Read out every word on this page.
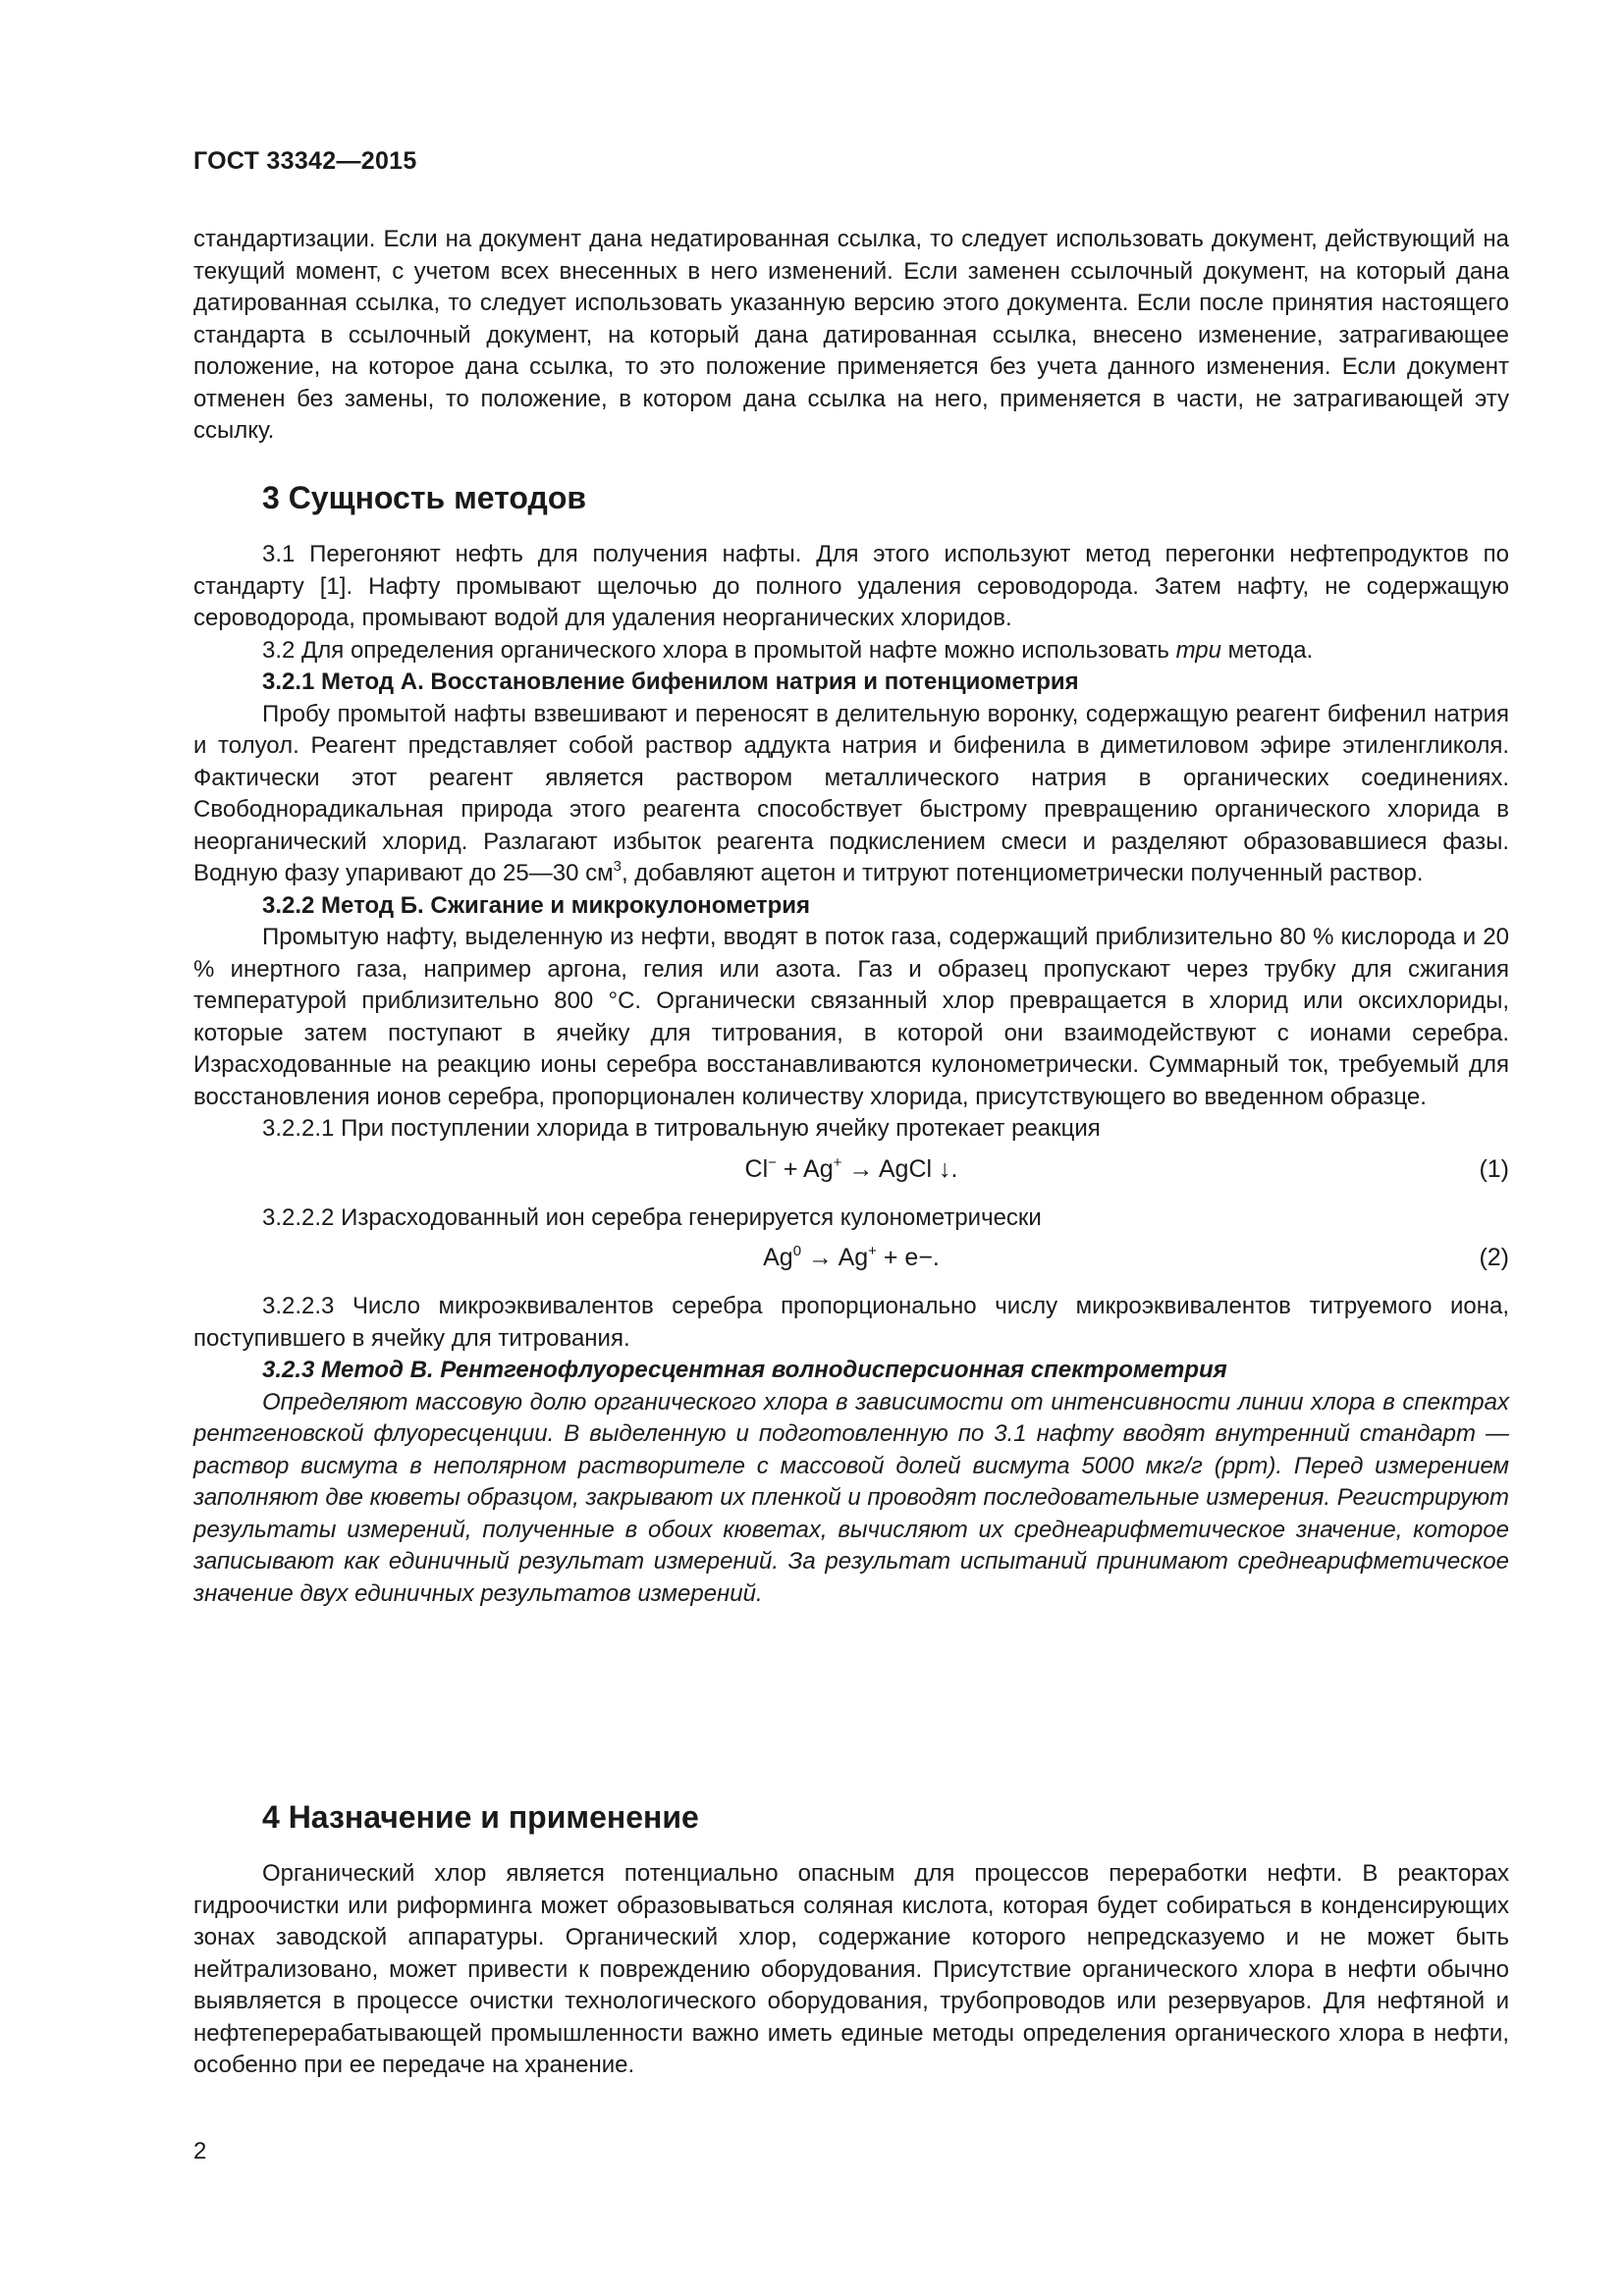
ГОСТ 33342—2015

стандартизации. Если на документ дана недатированная ссылка, то следует использовать документ, действующий на текущий момент, с учетом всех внесенных в него изменений. Если заменен ссылочный документ, на который дана датированная ссылка, то следует использовать указанную версию этого документа. Если после принятия настоящего стандарта в ссылочный документ, на который дана датированная ссылка, внесено изменение, затрагивающее положение, на которое дана ссылка, то это положение применяется без учета данного изменения. Если документ отменен без замены, то положение, в котором дана ссылка на него, применяется в части, не затрагивающей эту ссылку.

3 Сущность методов

3.1 Перегоняют нефть для получения нафты. Для этого используют метод перегонки нефтепродуктов по стандарту [1]. Нафту промывают щелочью до полного удаления сероводорода. Затем нафту, не содержащую сероводорода, промывают водой для удаления неорганических хлоридов.

3.2 Для определения органического хлора в промытой нафте можно использовать три метода.

3.2.1 Метод А. Восстановление бифенилом натрия и потенциометрия

Пробу промытой нафты взвешивают и переносят в делительную воронку, содержащую реагент бифенил натрия и толуол. Реагент представляет собой раствор аддукта натрия и бифенила в диметиловом эфире этиленгликоля. Фактически этот реагент является раствором металлического натрия в органических соединениях. Свободнорадикальная природа этого реагента способствует быстрому превращению органического хлорида в неорганический хлорид. Разлагают избыток реагента подкислением смеси и разделяют образовавшиеся фазы. Водную фазу упаривают до 25—30 $см^3$, добавляют ацетон и титруют потенциометрически полученный раствор.

3.2.2 Метод Б. Сжигание и микрокулонометрия

Промытую нафту, выделенную из нефти, вводят в поток газа, содержащий приблизительно 80 % кислорода и 20 % инертного газа, например аргона, гелия или азота. Газ и образец пропускают через трубку для сжигания температурой приблизительно 800 °С. Органически связанный хлор превращается в хлорид или оксихлориды, которые затем поступают в ячейку для титрования, в которой они взаимодействуют с ионами серебра. Израсходованные на реакцию ионы серебра восстанавливаются кулонометрически. Суммарный ток, требуемый для восстановления ионов серебра, пропорционален количеству хлорида, присутствующего во введенном образце.

3.2.2.1 При поступлении хлорида в титровальную ячейку протекает реакция

Cl− + Ag+ → AgCl ↓.	(1)

3.2.2.2 Израсходованный ион серебра генерируется кулонометрически

$Ag^0 \to Ag^+ + e-$.	(2)

3.2.2.3 Число микроэквивалентов серебра пропорционально числу микроэквивалентов титруемого иона, поступившего в ячейку для титрования.

3.2.3 Метод В. Рентгенофлуоресцентная волнодисперсионная спектрометрия

Определяют массовую долю органического хлора в зависимости от интенсивности линии хлора в спектрах рентгеновской флуоресценции. В выделенную и подготовленную по 3.1 нафту вводят внутренний стандарт — раствор висмута в неполярном растворителе с массовой долей висмута 5000 мкг/г (ppm). Перед измерением заполняют две кюветы образцом, закрывают их пленкой и проводят последовательные измерения. Регистрируют результаты измерений, полученные в обоих кюветах, вычисляют их среднеарифметическое значение, которое записывают как единичный результат измерений. За результат испытаний принимают среднеарифметическое значение двух единичных результатов измерений.

4 Назначение и применение

Органический хлор является потенциально опасным для процессов переработки нефти. В реакторах гидроочистки или риформинга может образовываться соляная кислота, которая будет собираться в конденсирующих зонах заводской аппаратуры. Органический хлор, содержание которого непредсказуемо и не может быть нейтрализовано, может привести к повреждению оборудования. Присутствие органического хлора в нефти обычно выявляется в процессе очистки технологического оборудования, трубопроводов или резервуаров. Для нефтяной и нефтеперерабатывающей промышленности важно иметь единые методы определения органического хлора в нефти, особенно при ее передаче на хранение.

2
